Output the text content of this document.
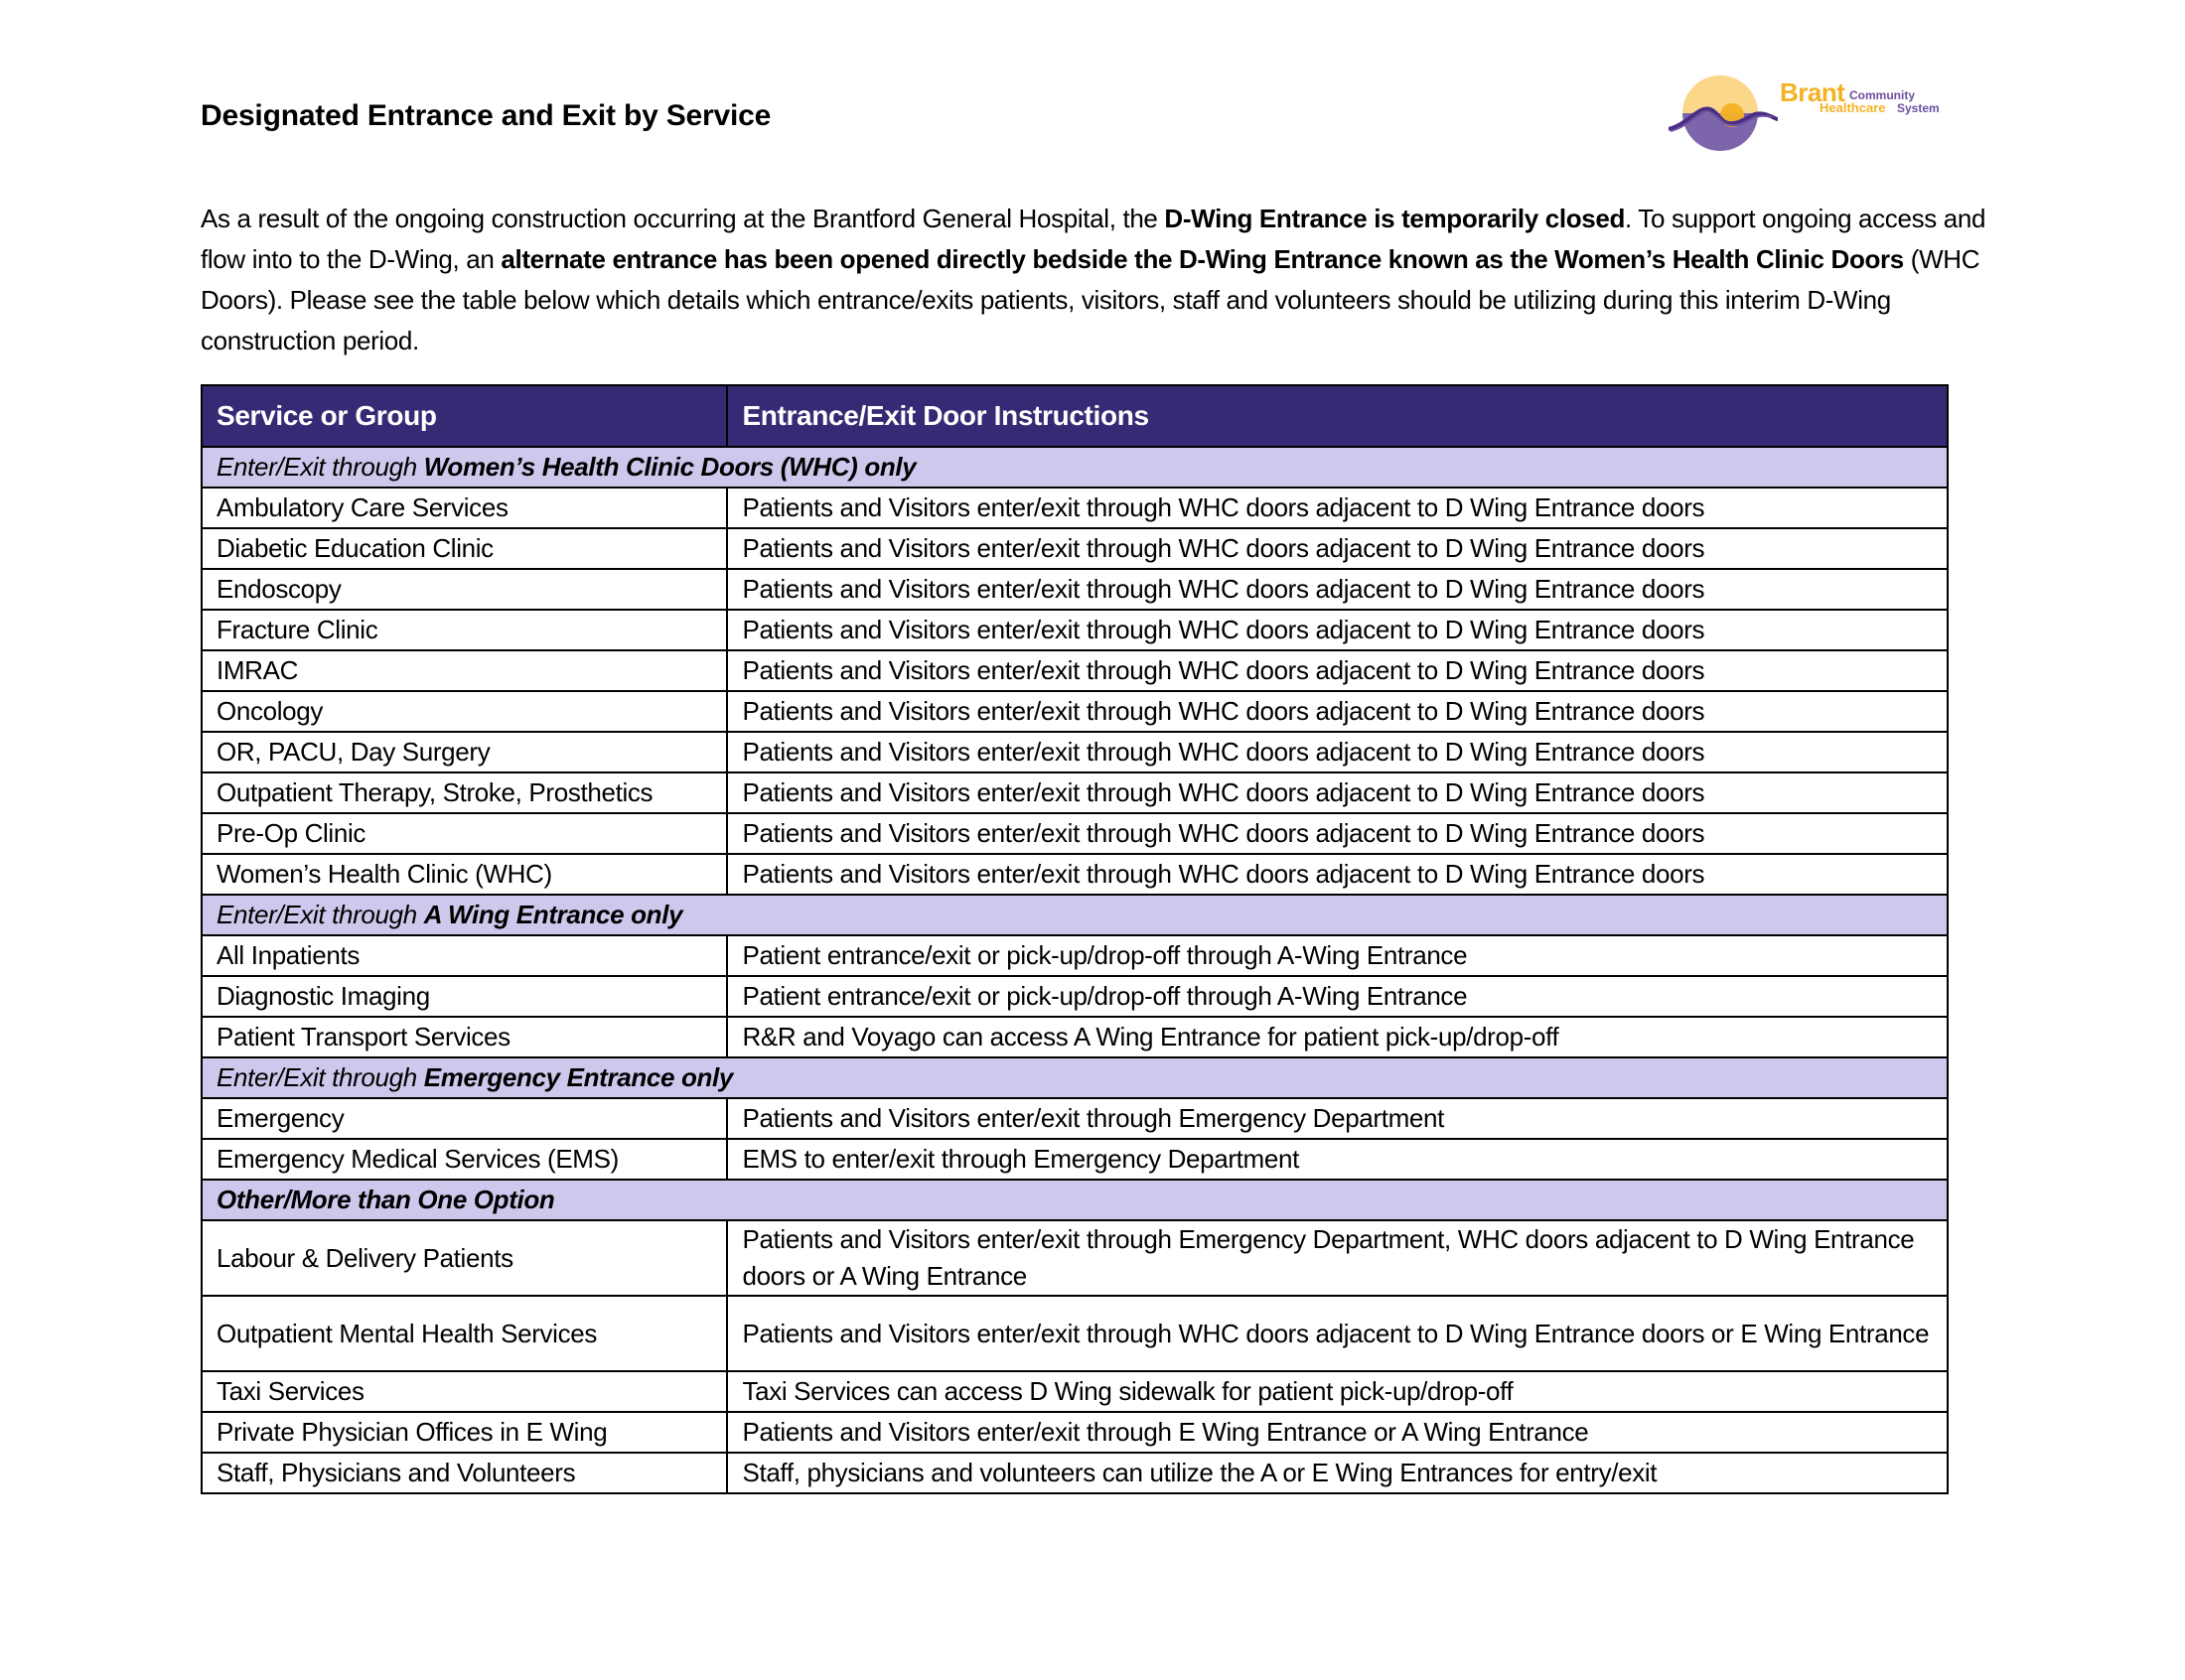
Designated Entrance and Exit by Service
Brant Community
Healthcare System

As a result of the ongoing construction occurring at the Brantford General Hospital, the D-Wing Entrance is temporarily closed. To support ongoing access and flow into to the D-Wing, an alternate entrance has been opened directly bedside the D-Wing Entrance known as the Women’s Health Clinic Doors (WHC Doors). Please see the table below which details which entrance/exits patients, visitors, staff and volunteers should be utilizing during this interim D-Wing construction period.

Service or Group	Entrance/Exit Door Instructions
Enter/Exit through Women’s Health Clinic Doors (WHC) only	
Ambulatory Care Services	Patients and Visitors enter/exit through WHC doors adjacent to D Wing Entrance doors
Diabetic Education Clinic	Patients and Visitors enter/exit through WHC doors adjacent to D Wing Entrance doors
Endoscopy	Patients and Visitors enter/exit through WHC doors adjacent to D Wing Entrance doors
Fracture Clinic	Patients and Visitors enter/exit through WHC doors adjacent to D Wing Entrance doors
IMRAC	Patients and Visitors enter/exit through WHC doors adjacent to D Wing Entrance doors
Oncology	Patients and Visitors enter/exit through WHC doors adjacent to D Wing Entrance doors
OR, PACU, Day Surgery	Patients and Visitors enter/exit through WHC doors adjacent to D Wing Entrance doors
Outpatient Therapy, Stroke, Prosthetics	Patients and Visitors enter/exit through WHC doors adjacent to D Wing Entrance doors
Pre-Op Clinic	Patients and Visitors enter/exit through WHC doors adjacent to D Wing Entrance doors
Women’s Health Clinic (WHC)	Patients and Visitors enter/exit through WHC doors adjacent to D Wing Entrance doors
Enter/Exit through A Wing Entrance only	
All Inpatients	Patient entrance/exit or pick-up/drop-off through A-Wing Entrance
Diagnostic Imaging	Patient entrance/exit or pick-up/drop-off through A-Wing Entrance
Patient Transport Services	R&R and Voyago can access A Wing Entrance for patient pick-up/drop-off
Enter/Exit through Emergency Entrance only	
Emergency	Patients and Visitors enter/exit through Emergency Department
Emergency Medical Services (EMS)	EMS to enter/exit through Emergency Department
Other/More than One Option	
Labour & Delivery Patients	Patients and Visitors enter/exit through Emergency Department, WHC doors adjacent to D Wing Entrance doors or A Wing Entrance
Outpatient Mental Health Services	Patients and Visitors enter/exit through WHC doors adjacent to D Wing Entrance doors or E Wing Entrance
Taxi Services	Taxi Services can access D Wing sidewalk for patient pick-up/drop-off
Private Physician Offices in E Wing	Patients and Visitors enter/exit through E Wing Entrance or A Wing Entrance
Staff, Physicians and Volunteers	Staff, physicians and volunteers can utilize the A or E Wing Entrances for entry/exit
